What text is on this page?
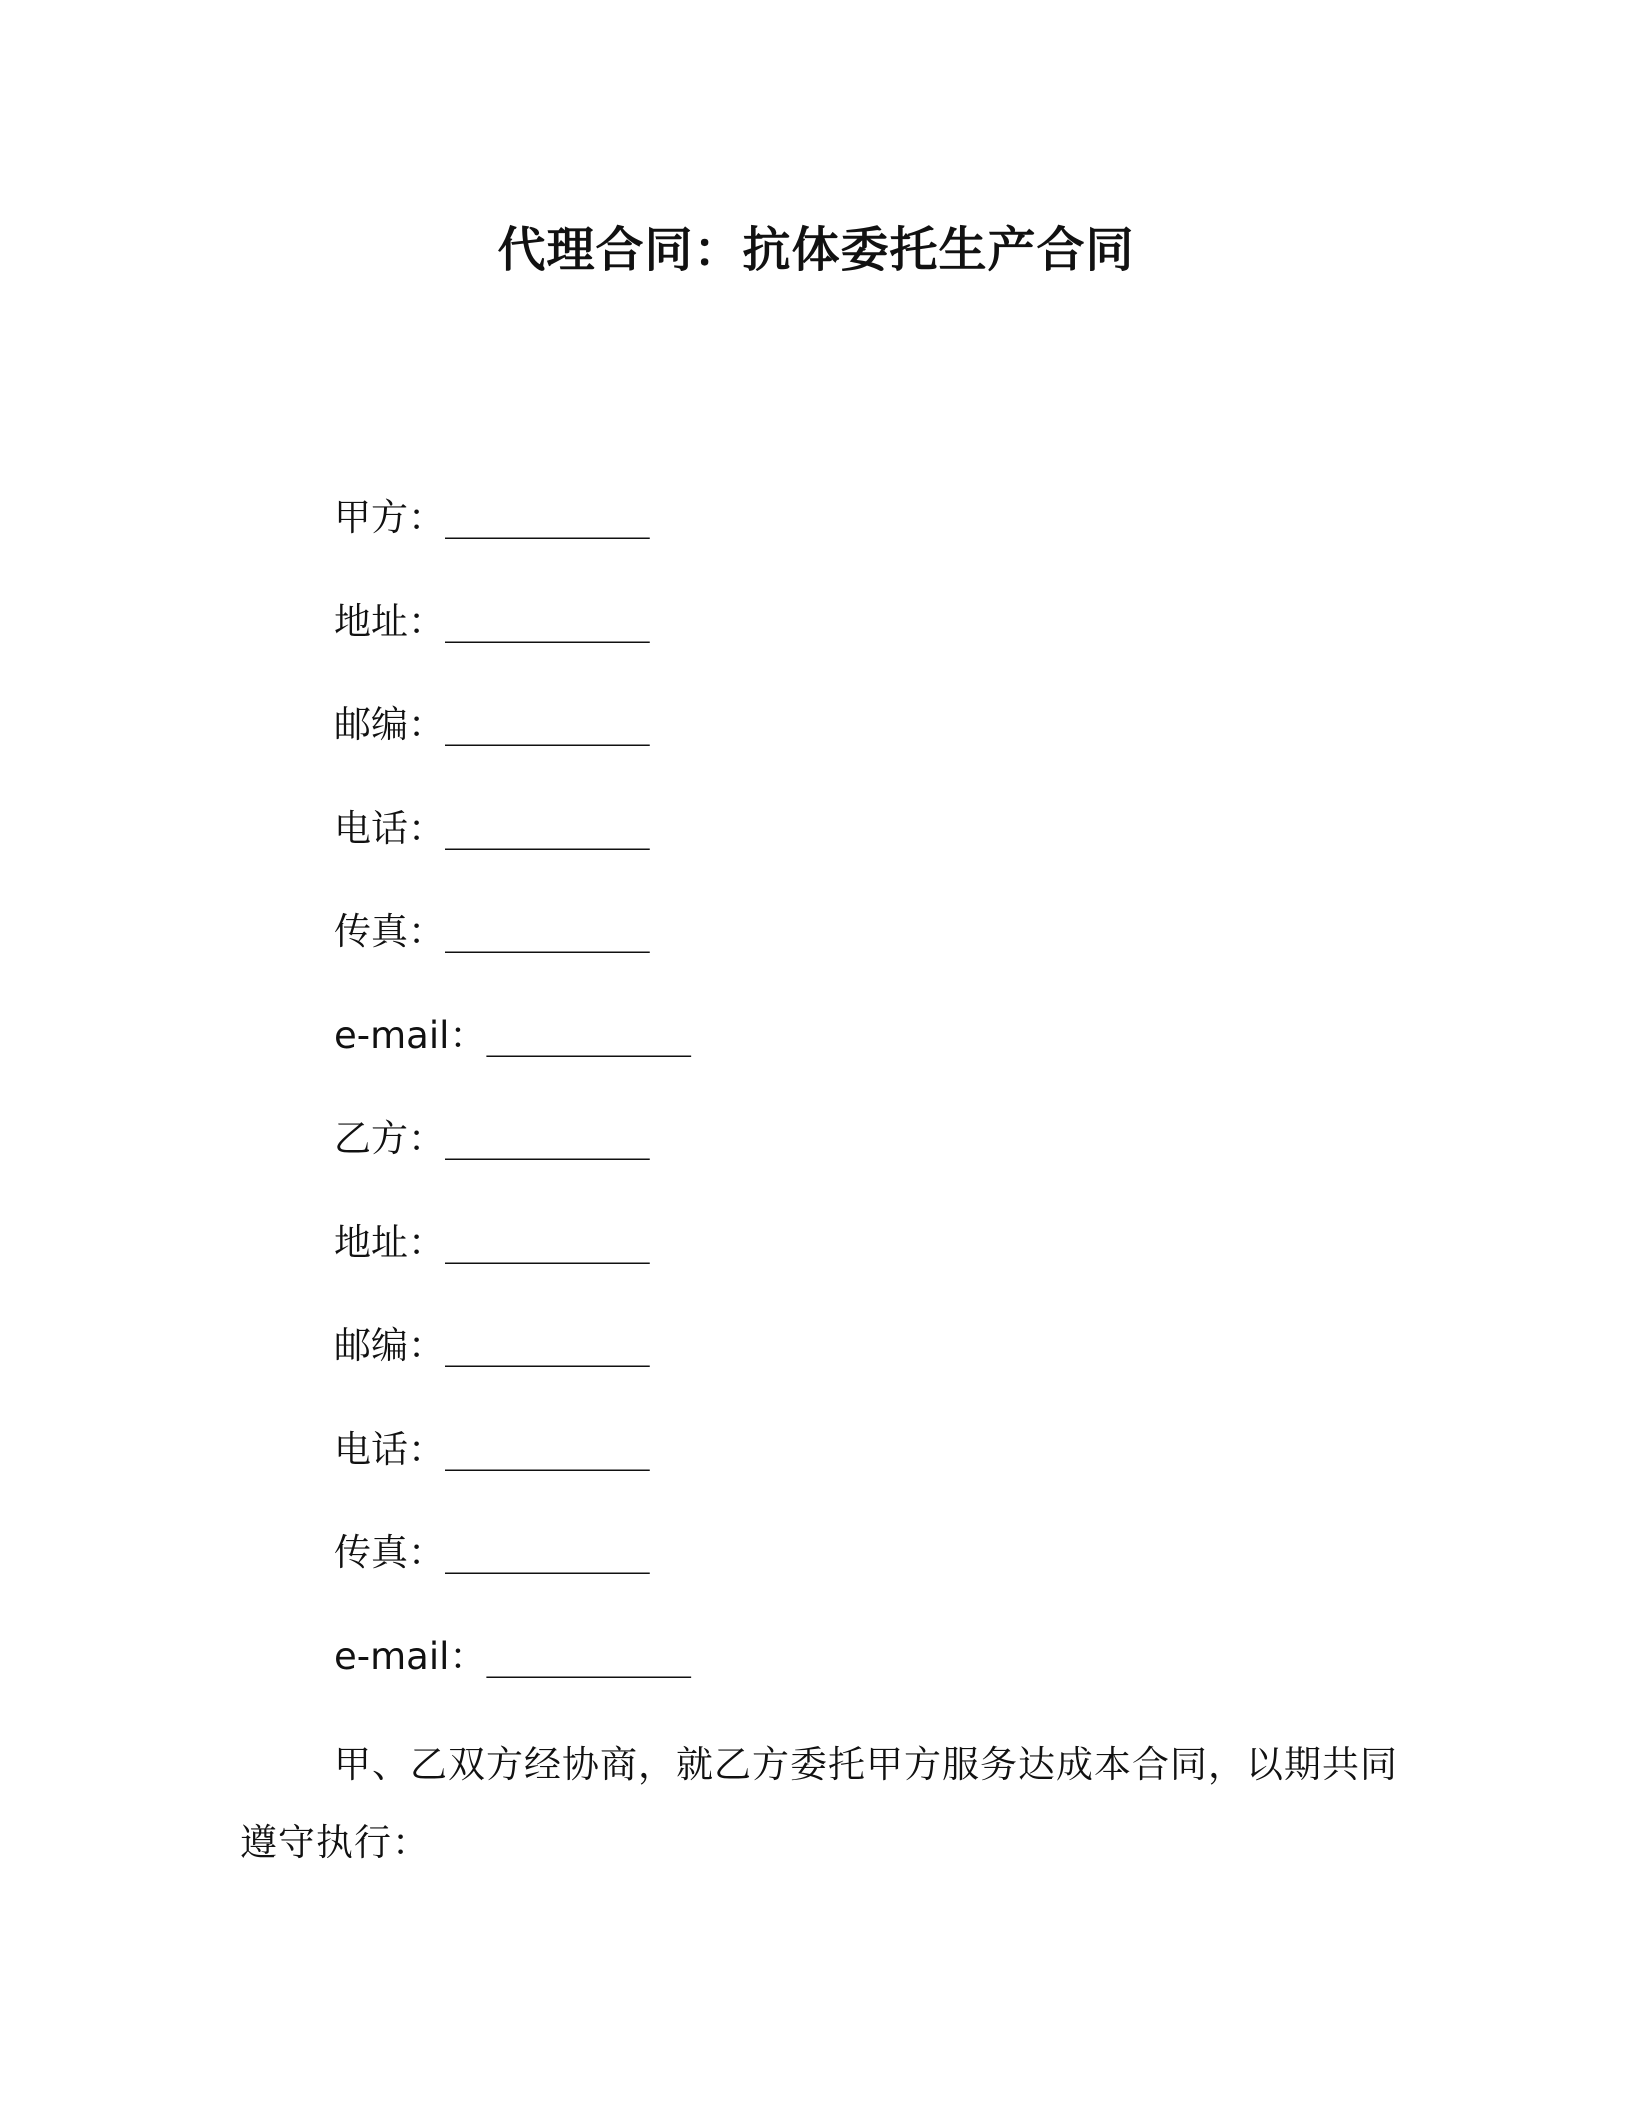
代理合同：抗体委托生产合同
甲方：__________
地址：__________
邮编：__________
电话：__________
传真：__________
e-mail：__________
乙方：__________
地址：__________
邮编：__________
电话：__________
传真：__________
e-mail：__________
甲、乙双方经协商，就乙方委托甲方服务达成本合同，以期共同遵守执行：
